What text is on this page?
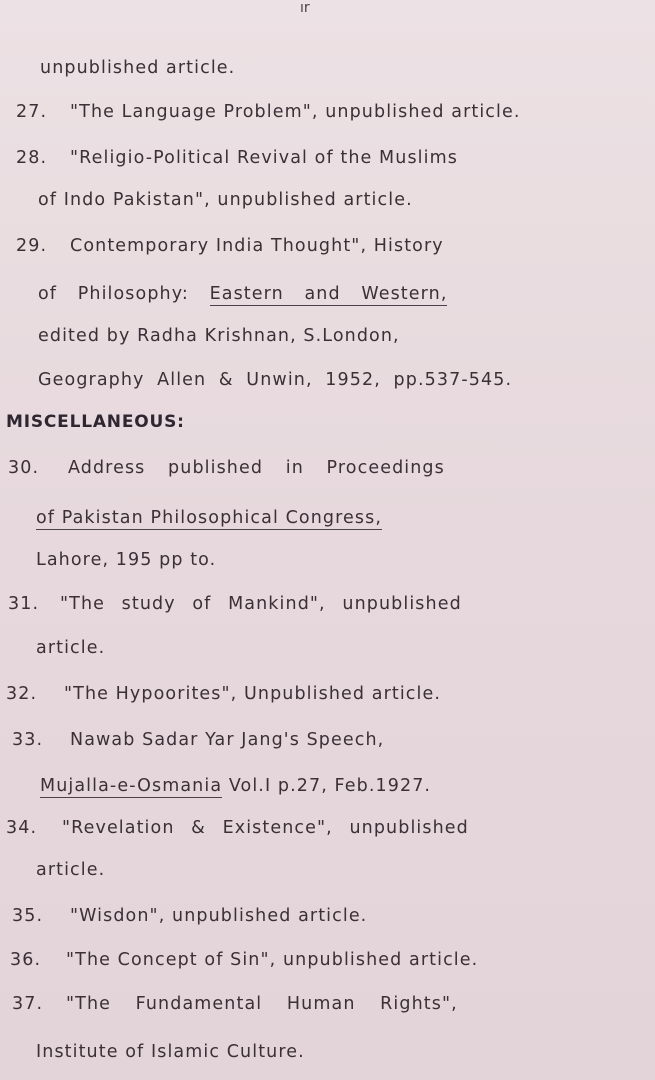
ır
unpublished article.
27. "The Language Problem", unpublished article.
28. "Religio-Political Revival of the Muslims
of Indo Pakistan", unpublished article.
29. Contemporary India Thought", History
of Philosophy: Eastern and Western,
edited by Radha Krishnan, S.London,
Geography Allen & Unwin, 1952, pp.537-545.
MISCELLANEOUS:
30. Address published in Proceedings
of Pakistan Philosophical Congress,
Lahore, 195 pp to.
31. "The study of Mankind", unpublished
article.
32. "The Hypoorites", Unpublished article.
33. Nawab Sadar Yar Jang's Speech,
Mujalla-e-Osmania Vol.I p.27, Feb.1927.
34. "Revelation & Existence", unpublished
article.
35. "Wisdon", unpublished article.
36. "The Concept of Sin", unpublished article.
37. "The Fundamental Human Rights",
Institute of Islamic Culture.
